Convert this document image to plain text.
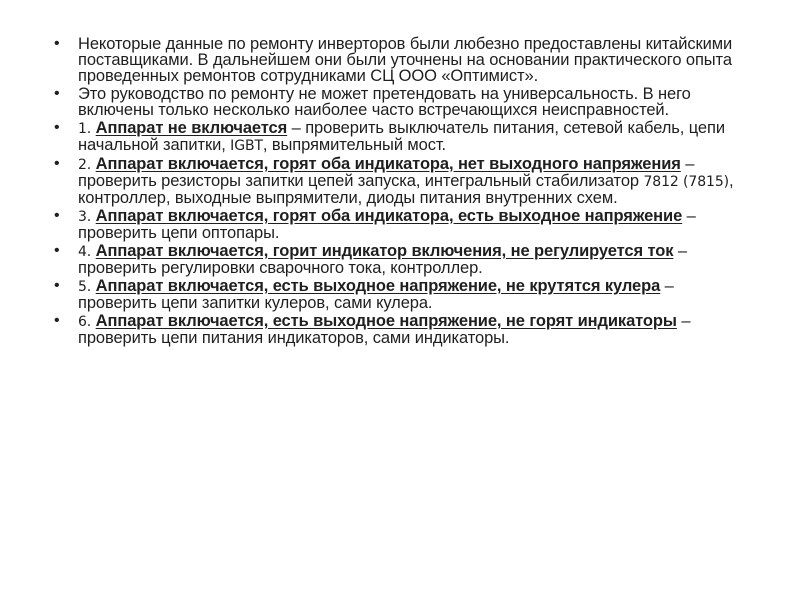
•	Некоторые данные по ремонту инверторов были любезно предоставлены китайскими поставщиками. В дальнейшем они были уточнены на основании практического опыта проведенных ремонтов сотрудниками СЦ ООО «Оптимист».
•	Это руководство по ремонту не может претендовать на универсальность. В него включены только несколько наиболее часто встречающихся неисправностей.
•	1. Аппарат не включается – проверить выключатель питания, сетевой кабель, цепи начальной запитки, IGBT, выпрямительный мост.
•	2. Аппарат включается, горят оба индикатора, нет выходного напряжения – проверить резисторы запитки цепей запуска, интегральный стабилизатор 7812 (7815), контроллер, выходные выпрямители, диоды питания внутренних схем.
•	3. Аппарат включается, горят оба индикатора, есть выходное напряжение – проверить цепи оптопары.
•	4. Аппарат включается, горит индикатор включения, не регулируется ток – проверить регулировки сварочного тока, контроллер.
•	5. Аппарат включается, есть выходное напряжение, не крутятся кулера – проверить цепи запитки кулеров, сами кулера.
•	6. Аппарат включается, есть выходное напряжение, не горят индикаторы – проверить цепи питания индикаторов, сами индикаторы.
